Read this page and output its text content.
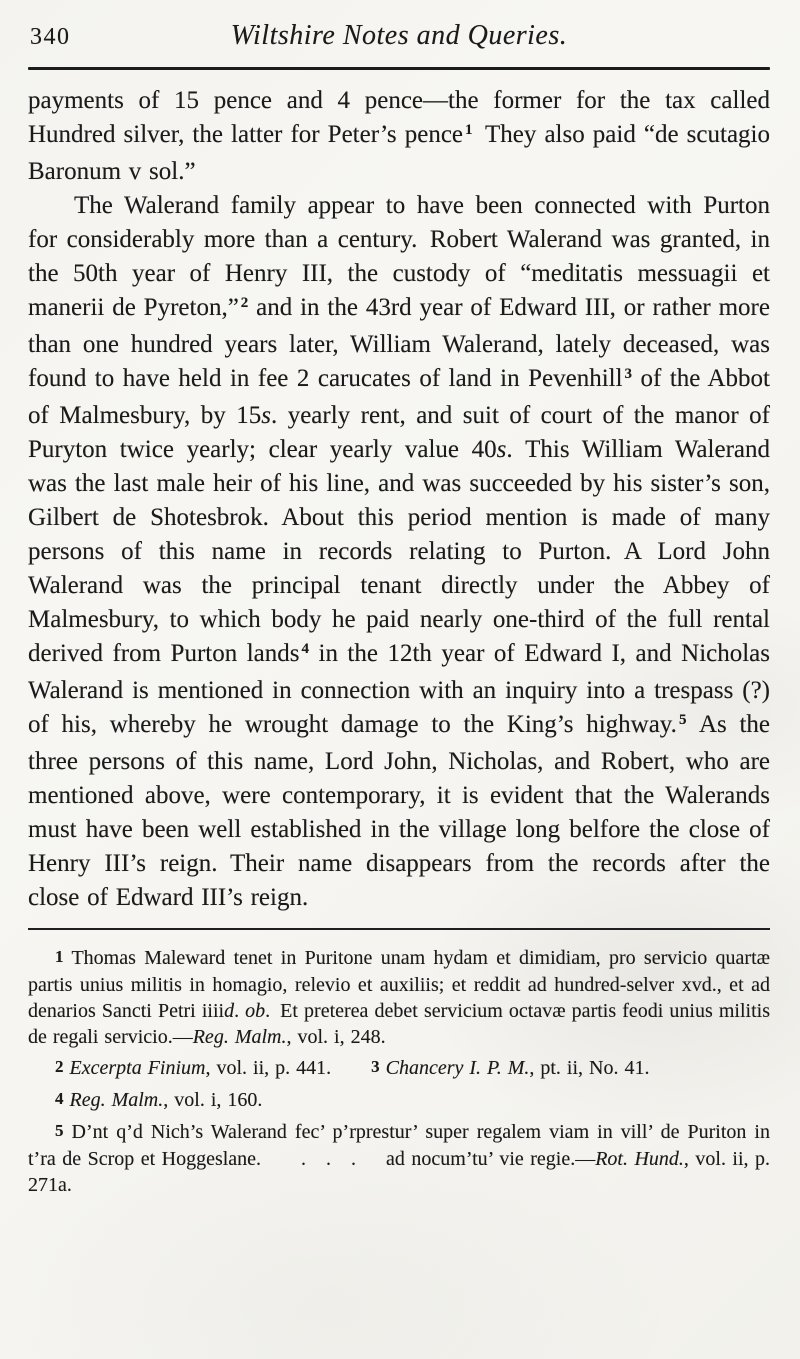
340	Wiltshire Notes and Queries.

payments of 15 pence and 4 pence—the former for the tax called Hundred silver, the latter for Peter’s pence $^1$ They also paid “de scutagio Baronum v sol.”

The Walerand family appear to have been connected with Purton for considerably more than a century. Robert Walerand was granted, in the 50th year of Henry III, the custody of “meditatis messuagii et manerii de Pyreton,” $^2$ and in the 43rd year of Edward III, or rather more than one hundred years later, William Walerand, lately deceased, was found to have held in fee 2 carucates of land in Pevenhill $^3$ of the Abbot of Malmesbury, by 15s. yearly rent, and suit of court of the manor of Puryton twice yearly; clear yearly value 40s. This William Walerand was the last male heir of his line, and was succeeded by his sister’s son, Gilbert de Shotesbrok. About this period mention is made of many persons of this name in records relating to Purton. A Lord John Walerand was the principal tenant directly under the Abbey of Malmesbury, to which body he paid nearly one-third of the full rental derived from Purton lands $^4$ in the 12th year of Edward I, and Nicholas Walerand is mentioned in connection with an inquiry into a trespass (?) of his, whereby he wrought damage to the King’s highway. $^5$ As the three persons of this name, Lord John, Nicholas, and Robert, who are mentioned above, were contemporary, it is evident that the Walerands must have been well established in the village long belfore the close of Henry III’s reign. Their name disappears from the records after the close of Edward III’s reign.

1 Thomas Maleward tenet in Puritone unam hydam et dimidiam, pro servicio quartæ partis unius militis in homagio, relevio et auxiliis; et reddit ad hundred-selver xvd., et ad denarios Sancti Petri iiiid. ob. Et preterea debet servicium octavæ partis feodi unius militis de regali servicio.—Reg. Malm., vol. i, 248.

2 Excerpta Finium, vol. ii, p. 441.   3 Chancery I. P. M., pt. ii, No. 41.

4 Reg. Malm., vol. i, 160.

5 D’nt q’d Nich’s Walerand fec’ p’rprestur’ super regalem viam in vill’ de Puriton in t’ra de Scrop et Hoggeslane.  .  .  .  ad nocum’tu’ vie regie.—Rot. Hund., vol. ii, p. 271a.
